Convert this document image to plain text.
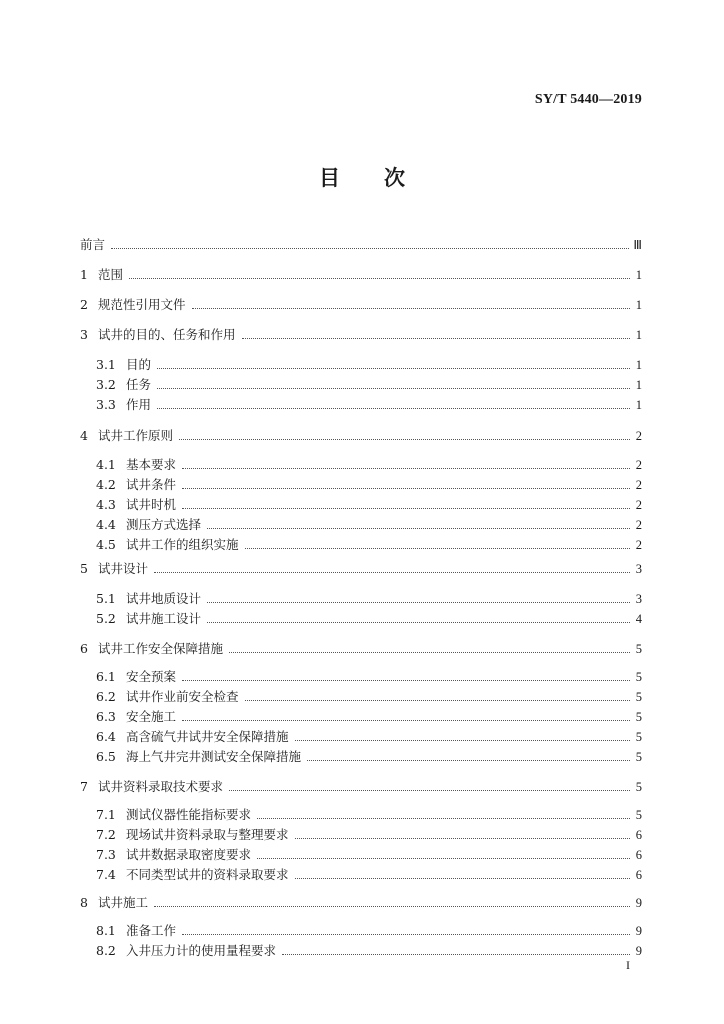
SY/T 5440—2019
目 次
前言	Ⅲ
1 范围	1
2 规范性引用文件	1
3 试井的目的、任务和作用	1
3.1 目的	1
3.2 任务	1
3.3 作用	1
4 试井工作原则	2
4.1 基本要求	2
4.2 试井条件	2
4.3 试井时机	2
4.4 测压方式选择	2
4.5 试井工作的组织实施	2
5 试井设计	3
5.1 试井地质设计	3
5.2 试井施工设计	4
6 试井工作安全保障措施	5
6.1 安全预案	5
6.2 试井作业前安全检查	5
6.3 安全施工	5
6.4 高含硫气井试井安全保障措施	5
6.5 海上气井完井测试安全保障措施	5
7 试井资料录取技术要求	5
7.1 测试仪器性能指标要求	5
7.2 现场试井资料录取与整理要求	6
7.3 试井数据录取密度要求	6
7.4 不同类型试井的资料录取要求	6
8 试井施工	9
8.1 准备工作	9
8.2 入井压力计的使用量程要求	9
I
